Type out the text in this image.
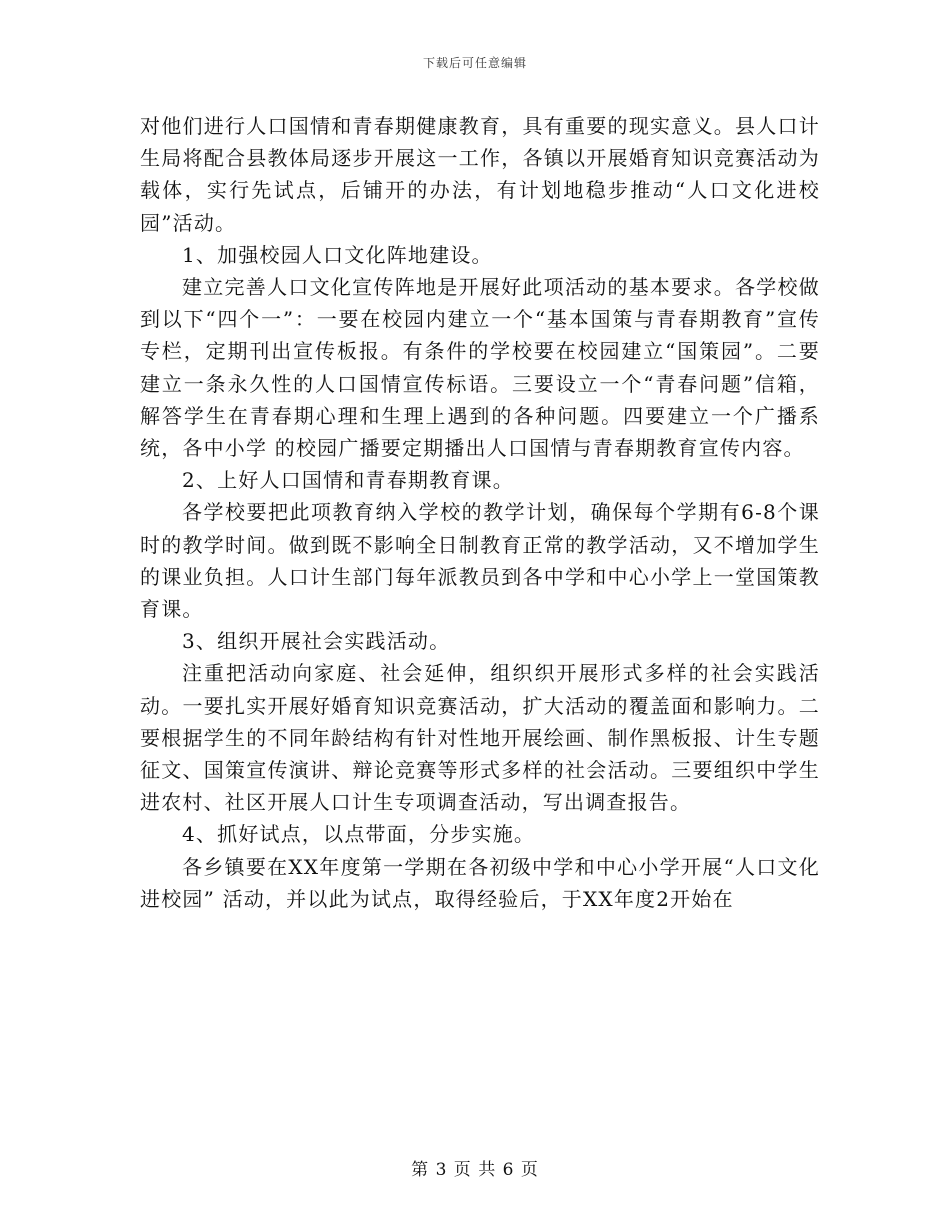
下载后可任意编辑

对他们进行人口国情和青春期健康教育，具有重要的现实意义。县人口计生局将配合县教体局逐步开展这一工作，各镇以开展婚育知识竞赛活动为载体，实行先试点，后铺开的办法，有计划地稳步推动“人口文化进校园”活动。

1、加强校园人口文化阵地建设。

建立完善人口文化宣传阵地是开展好此项活动的基本要求。各学校做到以下“四个一”：一要在校园内建立一个“基本国策与青春期教育”宣传专栏，定期刊出宣传板报。有条件的学校要在校园建立“国策园”。二要建立一条永久性的人口国情宣传标语。三要设立一个“青春问题”信箱，解答学生在青春期心理和生理上遇到的各种问题。四要建立一个广播系统，各中小学 的校园广播要定期播出人口国情与青春期教育宣传内容。

2、上好人口国情和青春期教育课。

各学校要把此项教育纳入学校的教学计划，确保每个学期有6-8个课时的教学时间。做到既不影响全日制教育正常的教学活动，又不增加学生的课业负担。人口计生部门每年派教员到各中学和中心小学上一堂国策教育课。

3、组织开展社会实践活动。

注重把活动向家庭、社会延伸，组织织开展形式多样的社会实践活动。一要扎实开展好婚育知识竞赛活动，扩大活动的覆盖面和影响力。二要根据学生的不同年龄结构有针对性地开展绘画、制作黑板报、计生专题征文、国策宣传演讲、辩论竞赛等形式多样的社会活动。三要组织中学生进农村、社区开展人口计生专项调查活动，写出调查报告。

4、抓好试点，以点带面，分步实施。

各乡镇要在XX年度第一学期在各初级中学和中心小学开展“人口文化进校园” 活动，并以此为试点，取得经验后，于XX年度2开始在

第 3 页 共 6 页
